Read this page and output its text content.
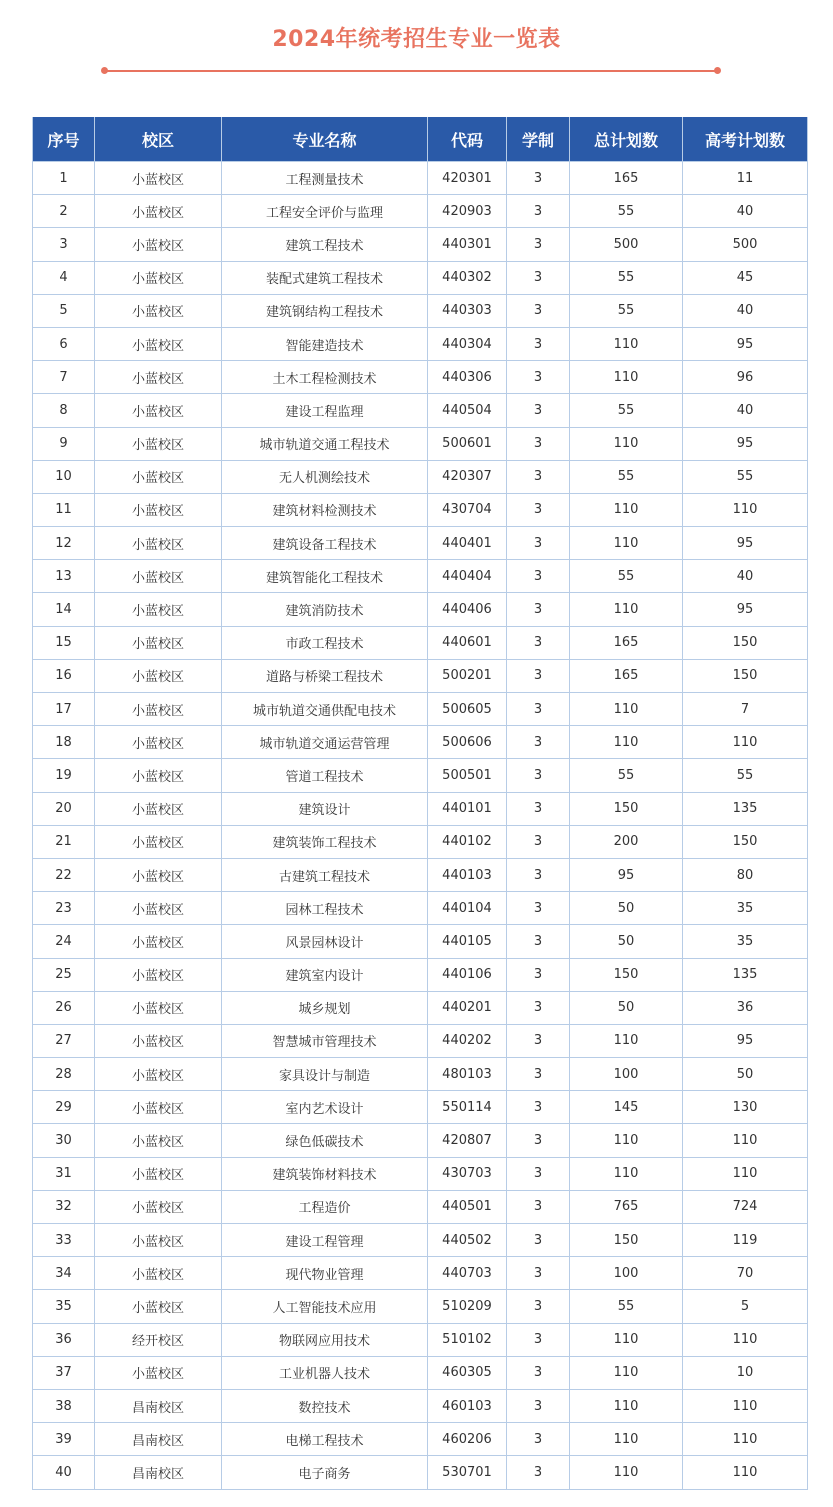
2024年统考招生专业一览表
序号	校区	专业名称	代码	学制	总计划数	高考计划数
1	小蓝校区	工程测量技术	420301	3	165	11
2	小蓝校区	工程安全评价与监理	420903	3	55	40
3	小蓝校区	建筑工程技术	440301	3	500	500
4	小蓝校区	装配式建筑工程技术	440302	3	55	45
5	小蓝校区	建筑钢结构工程技术	440303	3	55	40
6	小蓝校区	智能建造技术	440304	3	110	95
7	小蓝校区	土木工程检测技术	440306	3	110	96
8	小蓝校区	建设工程监理	440504	3	55	40
9	小蓝校区	城市轨道交通工程技术	500601	3	110	95
10	小蓝校区	无人机测绘技术	420307	3	55	55
11	小蓝校区	建筑材料检测技术	430704	3	110	110
12	小蓝校区	建筑设备工程技术	440401	3	110	95
13	小蓝校区	建筑智能化工程技术	440404	3	55	40
14	小蓝校区	建筑消防技术	440406	3	110	95
15	小蓝校区	市政工程技术	440601	3	165	150
16	小蓝校区	道路与桥梁工程技术	500201	3	165	150
17	小蓝校区	城市轨道交通供配电技术	500605	3	110	7
18	小蓝校区	城市轨道交通运营管理	500606	3	110	110
19	小蓝校区	管道工程技术	500501	3	55	55
20	小蓝校区	建筑设计	440101	3	150	135
21	小蓝校区	建筑装饰工程技术	440102	3	200	150
22	小蓝校区	古建筑工程技术	440103	3	95	80
23	小蓝校区	园林工程技术	440104	3	50	35
24	小蓝校区	风景园林设计	440105	3	50	35
25	小蓝校区	建筑室内设计	440106	3	150	135
26	小蓝校区	城乡规划	440201	3	50	36
27	小蓝校区	智慧城市管理技术	440202	3	110	95
28	小蓝校区	家具设计与制造	480103	3	100	50
29	小蓝校区	室内艺术设计	550114	3	145	130
30	小蓝校区	绿色低碳技术	420807	3	110	110
31	小蓝校区	建筑装饰材料技术	430703	3	110	110
32	小蓝校区	工程造价	440501	3	765	724
33	小蓝校区	建设工程管理	440502	3	150	119
34	小蓝校区	现代物业管理	440703	3	100	70
35	小蓝校区	人工智能技术应用	510209	3	55	5
36	经开校区	物联网应用技术	510102	3	110	110
37	小蓝校区	工业机器人技术	460305	3	110	10
38	昌南校区	数控技术	460103	3	110	110
39	昌南校区	电梯工程技术	460206	3	110	110
40	昌南校区	电子商务	530701	3	110	110
